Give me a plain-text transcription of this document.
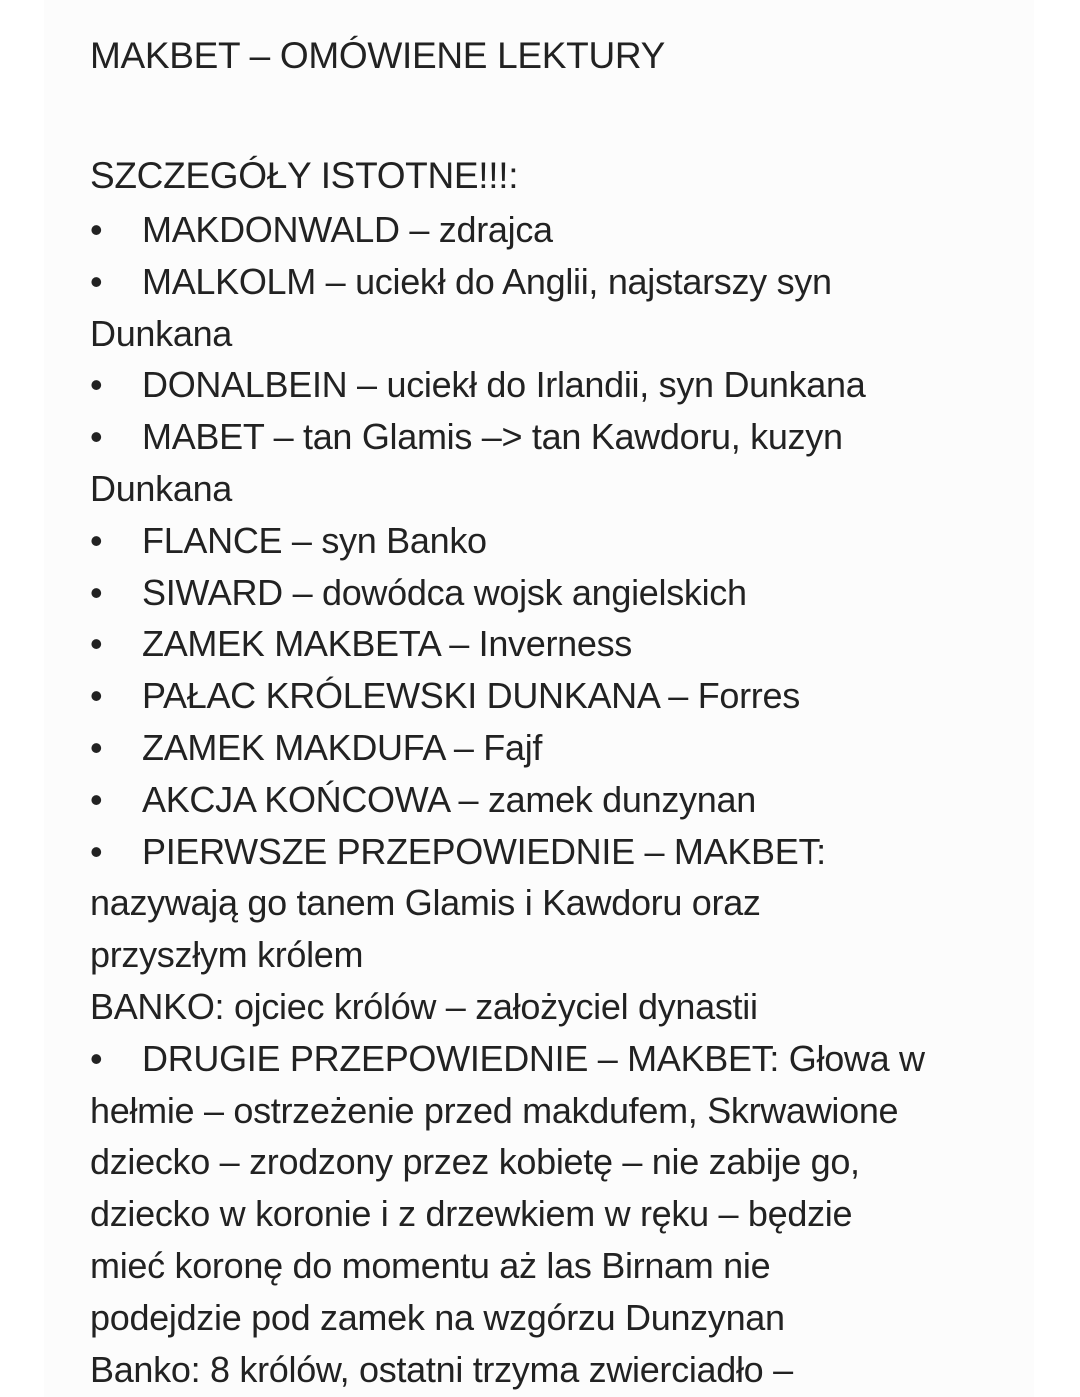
MAKBET – OMÓWIENE LEKTURY
SZCZEGÓŁY ISTOTNE!!!:
• MAKDONWALD – zdrajca
• MALKOLM – uciekł do Anglii, najstarszy syn
Dunkana
• DONALBEIN – uciekł do Irlandii, syn Dunkana
• MABET – tan Glamis –> tan Kawdoru, kuzyn
Dunkana
• FLANCE – syn Banko
• SIWARD – dowódca wojsk angielskich
• ZAMEK MAKBETA – Inverness
• PAŁAC KRÓLEWSKI DUNKANA – Forres
• ZAMEK MAKDUFA – Fajf
• AKCJA KOŃCOWA – zamek dunzynan
• PIERWSZE PRZEPOWIEDNIE – MAKBET:
nazywają go tanem Glamis i Kawdoru oraz
przyszłym królem
BANKO: ojciec królów – założyciel dynastii
• DRUGIE PRZEPOWIEDNIE – MAKBET: Głowa w
hełmie – ostrzeżenie przed makdufem, Skrwawione
dziecko – zrodzony przez kobietę – nie zabije go,
dziecko w koronie i z drzewkiem w ręku – będzie
mieć koronę do momentu aż las Birnam nie
podejdzie pod zamek na wzgórzu Dunzynan
Banko: 8 królów, ostatni trzyma zwierciadło –
